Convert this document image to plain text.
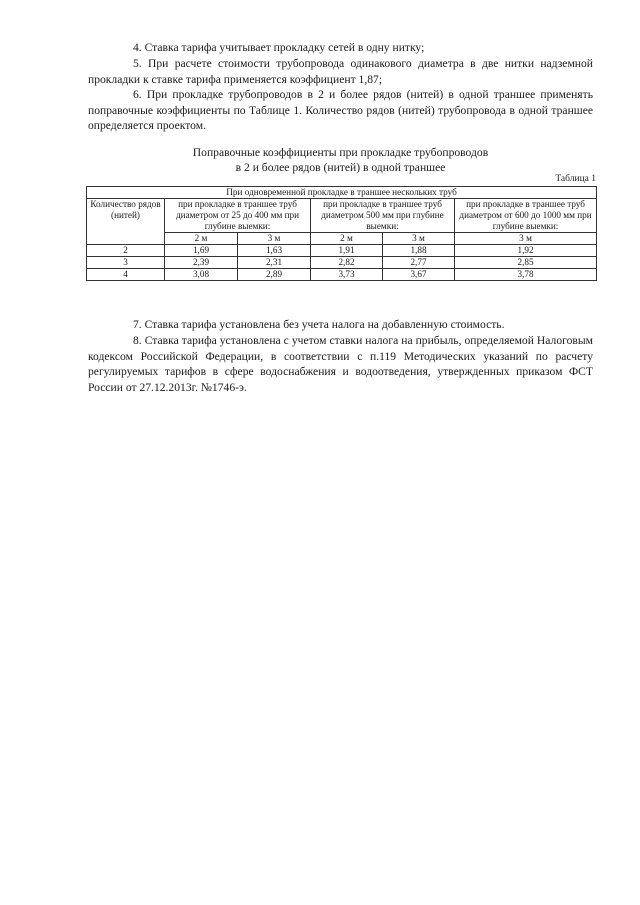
4. Ставка тарифа учитывает прокладку сетей в одну нитку;

5. При расчете стоимости трубопровода одинакового диаметра в две нитки надземной прокладки к ставке тарифа применяется коэффициент 1,87;

6. При прокладке трубопроводов в 2 и более рядов (нитей) в одной траншее применять поправочные коэффициенты по Таблице 1. Количество рядов (нитей) трубопровода в одной траншее определяется проектом.

Поправочные коэффициенты при прокладке трубопроводов

в 2 и более рядов (нитей) в одной траншее

Таблица 1
При одновременной прокладке в траншее нескольких труб					
Количество рядов (нитей)	при прокладке в траншее труб диаметром от 25 до 400 мм при глубине выемки:		при прокладке в траншее труб диаметром 500 мм при глубине выемки:		при прокладке в траншее труб диаметром от 600 до 1000 мм при глубине выемки:
	2 м	3 м	2 м	3 м	3 м
2	1,69	1,63	1,91	1,88	1,92
3	2,39	2,31	2,82	2,77	2,85
4	3,08	2,89	3,73	3,67	3,78

7. Ставка тарифа установлена без учета налога на добавленную стоимость.

8. Ставка тарифа установлена с учетом ставки налога на прибыль, определяемой Налоговым кодексом Российской Федерации, в соответствии с п.119 Методических указаний по расчету регулируемых тарифов в сфере водоснабжения и водоотведения, утвержденных приказом ФСТ России от 27.12.2013г. №1746-э.
